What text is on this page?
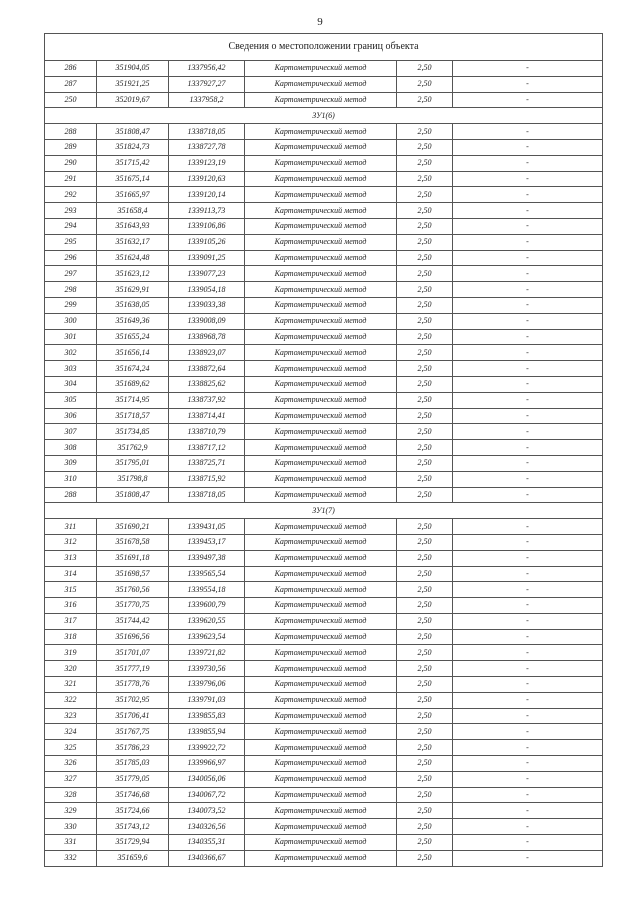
9
Сведения о местоположении границ объекта					
286	351904,05	1337956,42	Картометрический метод	2,50	-
287	351921,25	1337927,27	Картометрический метод	2,50	-
250	352019,67	1337958,2	Картометрический метод	2,50	-
ЗУ1(6)					
288	351808,47	1338718,05	Картометрический метод	2,50	-
289	351824,73	1338727,78	Картометрический метод	2,50	-
290	351715,42	1339123,19	Картометрический метод	2,50	-
291	351675,14	1339120,63	Картометрический метод	2,50	-
292	351665,97	1339120,14	Картометрический метод	2,50	-
293	351658,4	1339113,73	Картометрический метод	2,50	-
294	351643,93	1339106,86	Картометрический метод	2,50	-
295	351632,17	1339105,26	Картометрический метод	2,50	-
296	351624,48	1339091,25	Картометрический метод	2,50	-
297	351623,12	1339077,23	Картометрический метод	2,50	-
298	351629,91	1339054,18	Картометрический метод	2,50	-
299	351638,05	1339033,38	Картометрический метод	2,50	-
300	351649,36	1339008,09	Картометрический метод	2,50	-
301	351655,24	1338968,78	Картометрический метод	2,50	-
302	351656,14	1338923,07	Картометрический метод	2,50	-
303	351674,24	1338872,64	Картометрический метод	2,50	-
304	351689,62	1338825,62	Картометрический метод	2,50	-
305	351714,95	1338737,92	Картометрический метод	2,50	-
306	351718,57	1338714,41	Картометрический метод	2,50	-
307	351734,85	1338710,79	Картометрический метод	2,50	-
308	351762,9	1338717,12	Картометрический метод	2,50	-
309	351795,01	1338725,71	Картометрический метод	2,50	-
310	351798,8	1338715,92	Картометрический метод	2,50	-
288	351808,47	1338718,05	Картометрический метод	2,50	-
ЗУ1(7)					
311	351690,21	1339431,05	Картометрический метод	2,50	-
312	351678,58	1339453,17	Картометрический метод	2,50	-
313	351691,18	1339497,38	Картометрический метод	2,50	-
314	351698,57	1339565,54	Картометрический метод	2,50	-
315	351760,56	1339554,18	Картометрический метод	2,50	-
316	351770,75	1339600,79	Картометрический метод	2,50	-
317	351744,42	1339620,55	Картометрический метод	2,50	-
318	351696,56	1339623,54	Картометрический метод	2,50	-
319	351701,07	1339721,82	Картометрический метод	2,50	-
320	351777,19	1339730,56	Картометрический метод	2,50	-
321	351778,76	1339796,06	Картометрический метод	2,50	-
322	351702,95	1339791,03	Картометрический метод	2,50	-
323	351706,41	1339855,83	Картометрический метод	2,50	-
324	351767,75	1339855,94	Картометрический метод	2,50	-
325	351786,23	1339922,72	Картометрический метод	2,50	-
326	351785,03	1339966,97	Картометрический метод	2,50	-
327	351779,05	1340056,06	Картометрический метод	2,50	-
328	351746,68	1340067,72	Картометрический метод	2,50	-
329	351724,66	1340073,52	Картометрический метод	2,50	-
330	351743,12	1340326,56	Картометрический метод	2,50	-
331	351729,94	1340355,31	Картометрический метод	2,50	-
332	351659,6	1340366,67	Картометрический метод	2,50	-
